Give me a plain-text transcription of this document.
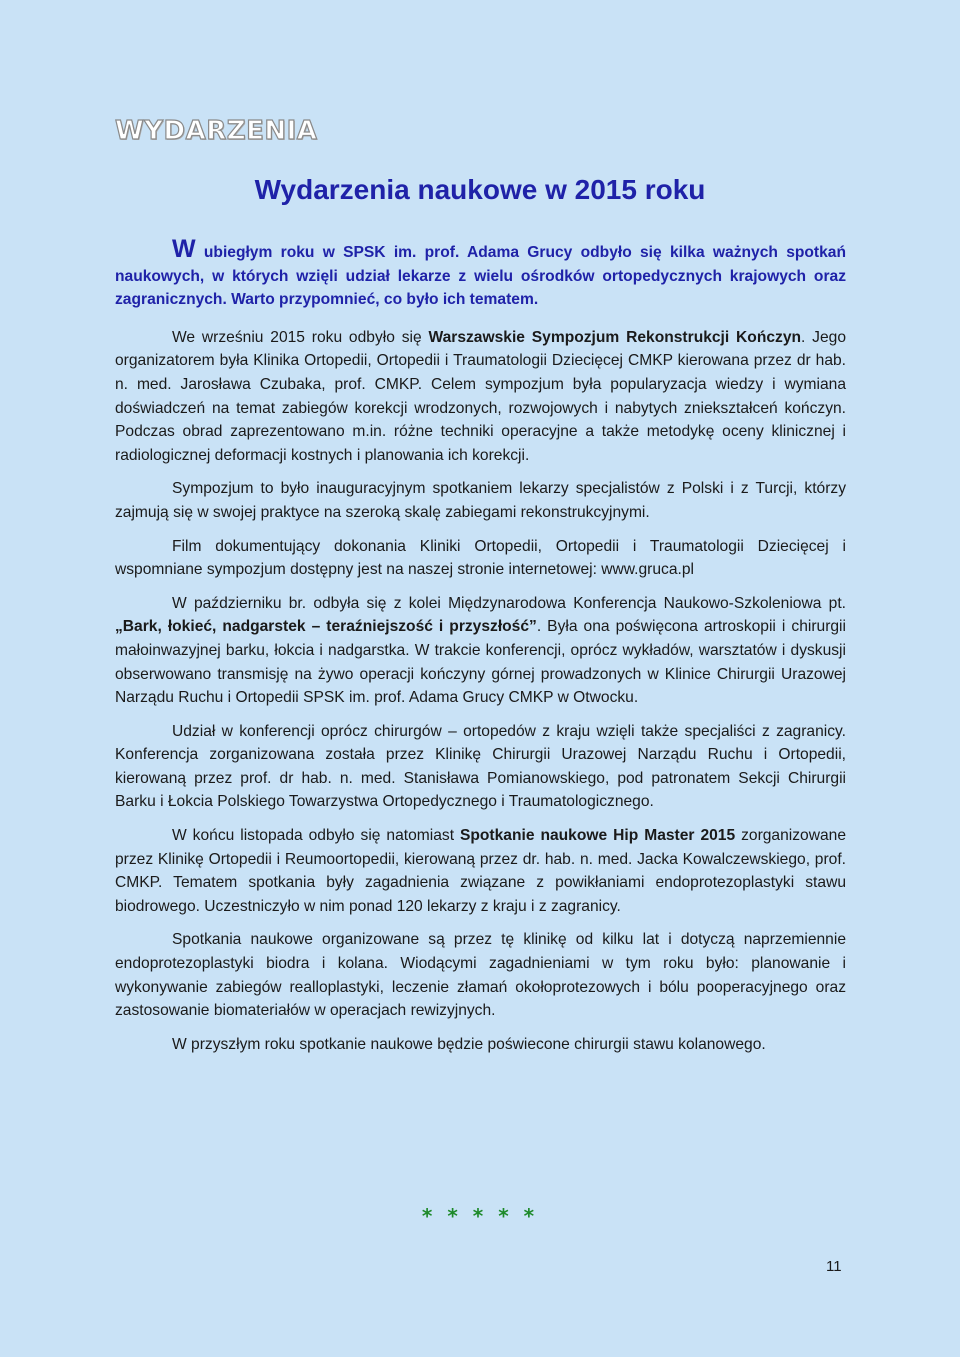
WYDARZENIA
Wydarzenia naukowe w 2015 roku

W ubiegłym roku w SPSK im. prof. Adama Grucy odbyło się kilka ważnych spotkań naukowych, w których wzięli udział lekarze z wielu ośrodków ortopedycznych krajowych oraz zagranicznych. Warto przypomnieć, co było ich tematem.

We wrześniu 2015 roku odbyło się Warszawskie Sympozjum Rekonstrukcji Kończyn. Jego organizatorem była Klinika Ortopedii, Ortopedii i Traumatologii Dziecięcej CMKP kierowana przez dr hab. n. med. Jarosława Czubaka, prof. CMKP. Celem sympozjum była popularyzacja wiedzy i wymiana doświadczeń na temat zabiegów korekcji wrodzonych, rozwojowych i nabytych zniekształceń kończyn. Podczas obrad zaprezentowano m.in. różne techniki operacyjne a także metodykę oceny klinicznej i radiologicznej deformacji kostnych i planowania ich korekcji.

Sympozjum to było inauguracyjnym spotkaniem lekarzy specjalistów z Polski i z Turcji, którzy zajmują się w swojej praktyce na szeroką skalę zabiegami rekonstrukcyjnymi.

Film dokumentujący dokonania Kliniki Ortopedii, Ortopedii i Traumatologii Dziecięcej i wspomniane sympozjum dostępny jest na naszej stronie internetowej: www.gruca.pl

W październiku br. odbyła się z kolei Międzynarodowa Konferencja Naukowo-Szkoleniowa pt. „Bark, łokieć, nadgarstek – teraźniejszość i przyszłość”. Była ona poświęcona artroskopii i chirurgii małoinwazyjnej barku, łokcia i nadgarstka. W trakcie konferencji, oprócz wykładów, warsztatów i dyskusji obserwowano transmisję na żywo operacji kończyny górnej prowadzonych w Klinice Chirurgii Urazowej Narządu Ruchu i Ortopedii SPSK im. prof. Adama Grucy CMKP w Otwocku.

Udział w konferencji oprócz chirurgów – ortopedów z kraju wzięli także specjaliści z zagranicy. Konferencja zorganizowana została przez Klinikę Chirurgii Urazowej Narządu Ruchu i Ortopedii, kierowaną przez prof. dr hab. n. med. Stanisława Pomianowskiego, pod patronatem Sekcji Chirurgii Barku i Łokcia Polskiego Towarzystwa Ortopedycznego i Traumatologicznego.

W końcu listopada odbyło się natomiast Spotkanie naukowe Hip Master 2015 zorganizowane przez Klinikę Ortopedii i Reumoortopedii, kierowaną przez dr. hab. n. med. Jacka Kowalczewskiego, prof. CMKP. Tematem spotkania były zagadnienia związane z powikłaniami endoprotezoplastyki stawu biodrowego. Uczestniczyło w nim ponad 120 lekarzy z kraju i z zagranicy.

Spotkania naukowe organizowane są przez tę klinikę od kilku lat i dotyczą naprzemiennie endoprotezoplastyki biodra i kolana. Wiodącymi zagadnieniami w tym roku było: planowanie i wykonywanie zabiegów realloplastyki, leczenie złamań okołoprotezowych i bólu pooperacyjnego oraz zastosowanie biomateriałów w operacjach rewizyjnych.

W przyszłym roku spotkanie naukowe będzie poświecone chirurgii stawu kolanowego.

* * * * *
11
